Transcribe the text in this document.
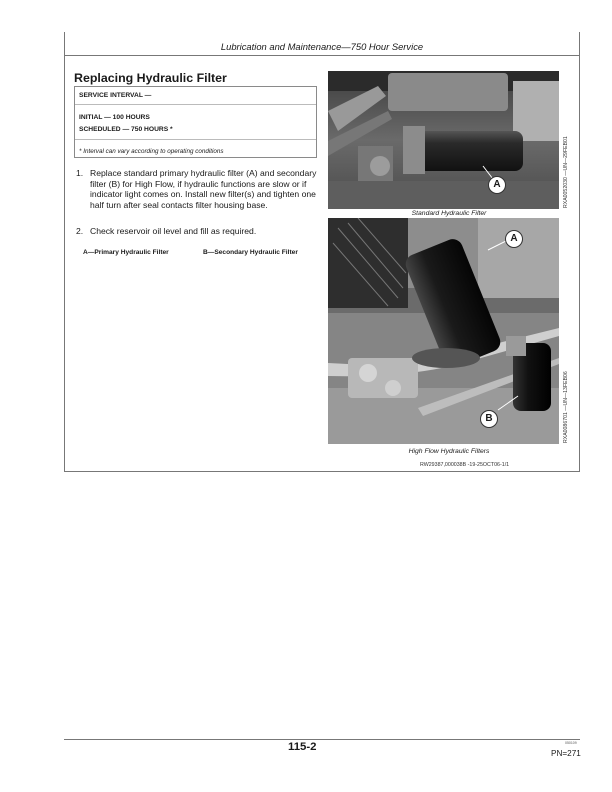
Lubrication and Maintenance—750 Hour Service
Replacing Hydraulic Filter
SERVICE INTERVAL —
INITIAL — 100 HOURS
SCHEDULED — 750 HOURS *
* Interval can vary according to operating conditions
1. Replace standard primary hydraulic filter (A) and secondary filter (B) for High Flow, if hydraulic functions are slow or if indicator light comes on. Install new filter(s) and tighten one half turn after seal contacts filter housing base.
2. Check reservoir oil level and fill as required.
A—Primary Hydraulic Filter	B—Secondary Hydraulic Filter
A	RXA0052030 —UN—29FEB01
Standard Hydraulic Filter
A
B	RXA0086701 —UN—13FEB06
High Flow Hydraulic Filters
RW29387,000038B -19-25OCT06-1/1
115-2	050109
PN=271
